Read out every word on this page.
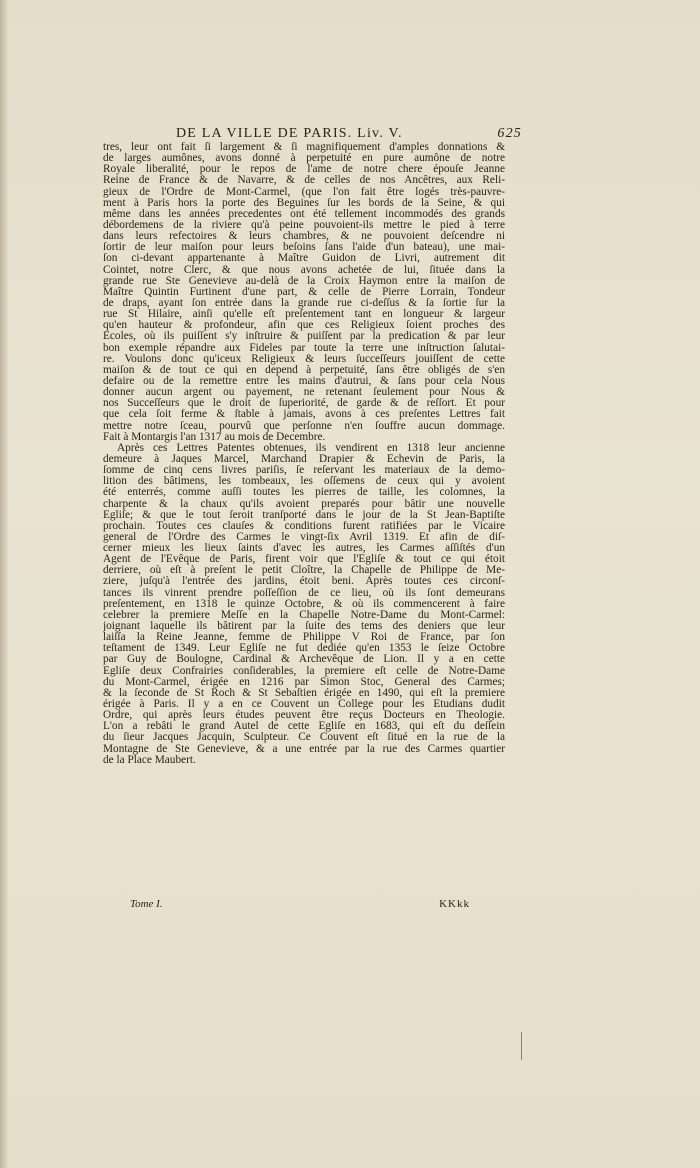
DE LA VILLE DE PARIS. Liv. V.	625
tres, leur ont fait ſi largement & ſi magnifiquement d'amples donnations &
de larges aumônes, avons donné à perpetuité en pure aumône de notre
Royale liberalité, pour le repos de l'ame de notre chere épouſe Jeanne
Reine de France & de Navarre, & de celles de nos Ancêtres, aux Reli-
gieux de l'Ordre de Mont-Carmel, (que l'on fait être logés très-pauvre-
ment à Paris hors la porte des Beguines ſur les bords de la Seine, & qui
même dans les années precedentes ont été tellement incommodés des grands
débordemens de la riviere qu'à peine pouvoient-ils mettre le pied à terre
dans leurs refectoires & leurs chambres, & ne pouvoient deſcendre ni
ſortir de leur maiſon pour leurs beſoins ſans l'aide d'un bateau), une mai-
ſon ci-devant appartenante à Maître Guidon de Livri, autrement dit
Cointet, notre Clerc, & que nous avons achetée de lui, ſituée dans la
grande rue Ste Genevieve au-delà de la Croix Haymon entre la maiſon de
Maître Quintin Furtinent d'une part, & celle de Pierre Lorrain, Tondeur
de draps, ayant ſon entrée dans la grande rue ci-deſſus & ſa ſortie ſur la
rue St Hilaire, ainſi qu'elle eſt preſentement tant en longueur & largeur
qu'en hauteur & profondeur, afin que ces Religieux ſoient proches des
Ecoles, où ils puiſſent s'y inſtruire & puiſſent par la predication & par leur
bon exemple répandre aux Fideles par toute la terre une inſtruction ſalutai-
re. Voulons donc qu'iceux Religieux & leurs ſucceſſeurs jouiſſent de cette
maiſon & de tout ce qui en depend à perpetuité, ſans être obligés de s'en
defaire ou de la remettre entre les mains d'autrui, & ſans pour cela Nous
donner aucun argent ou payement, ne retenant ſeulement pour Nous &
nos Succeſſeurs que le droit de ſuperiorité, de garde & de reſſort. Et pour
que cela ſoit ferme & ſtable à jamais, avons à ces preſentes Lettres fait
mettre notre ſceau, pourvû que perſonne n'en ſouffre aucun dommage.
Fait à Montargis l'an 1317 au mois de Decembre.
Après ces Lettres Patentes obtenues, ils vendirent en 1318 leur ancienne
demeure à Jaques Marcel, Marchand Drapier & Echevin de Paris, la
ſomme de cinq cens livres pariſis, ſe reſervant les materiaux de la demo-
lition des bâtimens, les tombeaux, les oſſemens de ceux qui y avoient
été enterrés, comme auſſi toutes les pierres de taille, les colomnes, la
charpente & la chaux qu'ils avoient preparés pour bâtir une nouvelle
Egliſe; & que le tout ſeroit tranſporté dans le jour de la St Jean-Baptiſte
prochain. Toutes ces clauſes & conditions furent ratifiées par le Vicaire
general de l'Ordre des Carmes le vingt-ſix Avril 1319. Et afin de diſ-
cerner mieux les lieux ſaints d'avec les autres, les Carmes aſſiſtés d'un
Agent de l'Evêque de Paris, firent voir que l'Egliſe & tout ce qui étoit
derriere, où eſt à preſent le petit Cloître, la Chapelle de Philippe de Me-
ziere, juſqu'à l'entrée des jardins, étoit beni. Après toutes ces circonſ-
tances ils vinrent prendre poſſeſſion de ce lieu, où ils ſont demeurans
preſentement, en 1318 le quinze Octobre, & où ils commencerent à faire
celebrer la premiere Meſſe en la Chapelle Notre-Dame du Mont-Carmel:
joignant laquelle ils bâtirent par la ſuite des tems des deniers que leur
laiſſa la Reine Jeanne, femme de Philippe V Roi de France, par ſon
teſtament de 1349. Leur Egliſe ne fut dediée qu'en 1353 le ſeize Octobre
par Guy de Boulogne, Cardinal & Archevêque de Lion. Il y a en cette
Egliſe deux Confrairies conſiderables, la premiere eſt celle de Notre-Dame
du Mont-Carmel, érigée en 1216 par Simon Stoc, General des Carmes;
& la ſeconde de St Roch & St Sebaſtien érigée en 1490, qui eſt la premiere
érigée à Paris. Il y a en ce Couvent un College pour les Etudians dudit
Ordre, qui après leurs études peuvent être reçus Docteurs en Theologie.
L'on a rebâti le grand Autel de cette Egliſe en 1683, qui eſt du deſſein
du ſieur Jacques Jacquin, Sculpteur. Ce Couvent eſt ſitué en la rue de la
Montagne de Ste Genevieve, & a une entrée par la rue des Carmes quartier
de la Place Maubert.
Tome I.	KKkk
